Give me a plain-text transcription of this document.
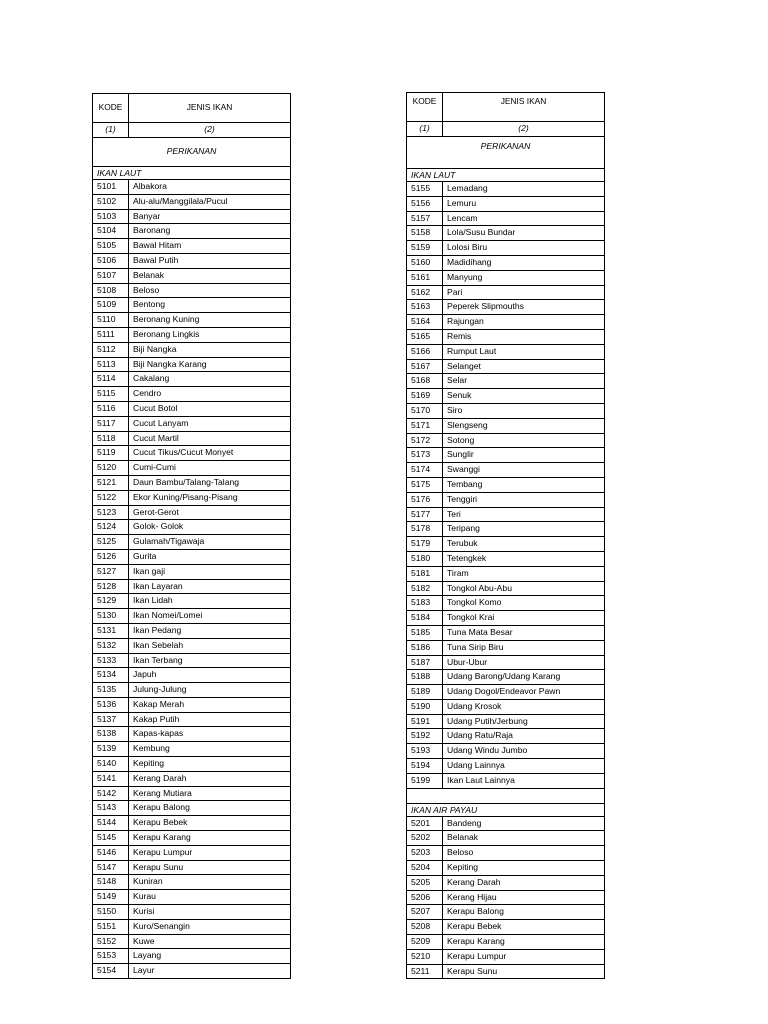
KODE	JENIS IKAN
(1)	(2)
PERIKANAN	
IKAN LAUT	
5101	Albakora
5102	Alu-alu/Manggilala/Pucul
5103	Banyar
5104	Baronang
5105	Bawal Hitam
5106	Bawal Putih
5107	Belanak
5108	Beloso
5109	Bentong
5110	Beronang Kuning
5111	Beronang Lingkis
5112	Biji Nangka
5113	Biji Nangka Karang
5114	Cakalang
5115	Cendro
5116	Cucut Botol
5117	Cucut Lanyam
5118	Cucut Martil
5119	Cucut Tikus/Cucut Monyet
5120	Cumi-Cumi
5121	Daun Bambu/Talang-Talang
5122	Ekor Kuning/Pisang-Pisang
5123	Gerot-Gerot
5124	Golok- Golok
5125	Gulamah/Tigawaja
5126	Gurita
5127	Ikan gaji
5128	Ikan Layaran
5129	Ikan Lidah
5130	Ikan Nomei/Lomei
5131	Ikan Pedang
5132	Ikan Sebelah
5133	Ikan Terbang
5134	Japuh
5135	Julung-Julung
5136	Kakap Merah
5137	Kakap Putih
5138	Kapas-kapas
5139	Kembung
5140	Kepiting
5141	Kerang Darah
5142	Kerang Mutiara
5143	Kerapu Balong
5144	Kerapu Bebek
5145	Kerapu Karang
5146	Kerapu Lumpur
5147	Kerapu Sunu
5148	Kuniran
5149	Kurau
5150	Kurisi
5151	Kuro/Senangin
5152	Kuwe
5153	Layang
5154	Layur
KODE	JENIS IKAN
(1)	(2)
PERIKANAN	
IKAN LAUT	
5155	Lemadang
5156	Lemuru
5157	Lencam
5158	Lola/Susu Bundar
5159	Lolosi Biru
5160	Madidihang
5161	Manyung
5162	Pari
5163	Peperek Slipmouths
5164	Rajungan
5165	Remis
5166	Rumput Laut
5167	Selanget
5168	Selar
5169	Senuk
5170	Siro
5171	Slengseng
5172	Sotong
5173	Sunglir
5174	Swanggi
5175	Tembang
5176	Tenggiri
5177	Teri
5178	Teripang
5179	Terubuk
5180	Tetengkek
5181	Tiram
5182	Tongkol Abu-Abu
5183	Tongkol Komo
5184	Tongkol Krai
5185	Tuna Mata Besar
5186	Tuna Sirip Biru
5187	Ubur-Ubur
5188	Udang Barong/Udang Karang
5189	Udang Dogol/Endeavor Pawn
5190	Udang Krosok
5191	Udang Putih/Jerbung
5192	Udang Ratu/Raja
5193	Udang Windu Jumbo
5194	Udang Lainnya
5199	Ikan Laut Lainnya

IKAN AIR PAYAU	
5201	Bandeng
5202	Belanak
5203	Beloso
5204	Kepiting
5205	Kerang Darah
5206	Kerang Hijau
5207	Kerapu Balong
5208	Kerapu Bebek
5209	Kerapu Karang
5210	Kerapu Lumpur
5211	Kerapu Sunu
